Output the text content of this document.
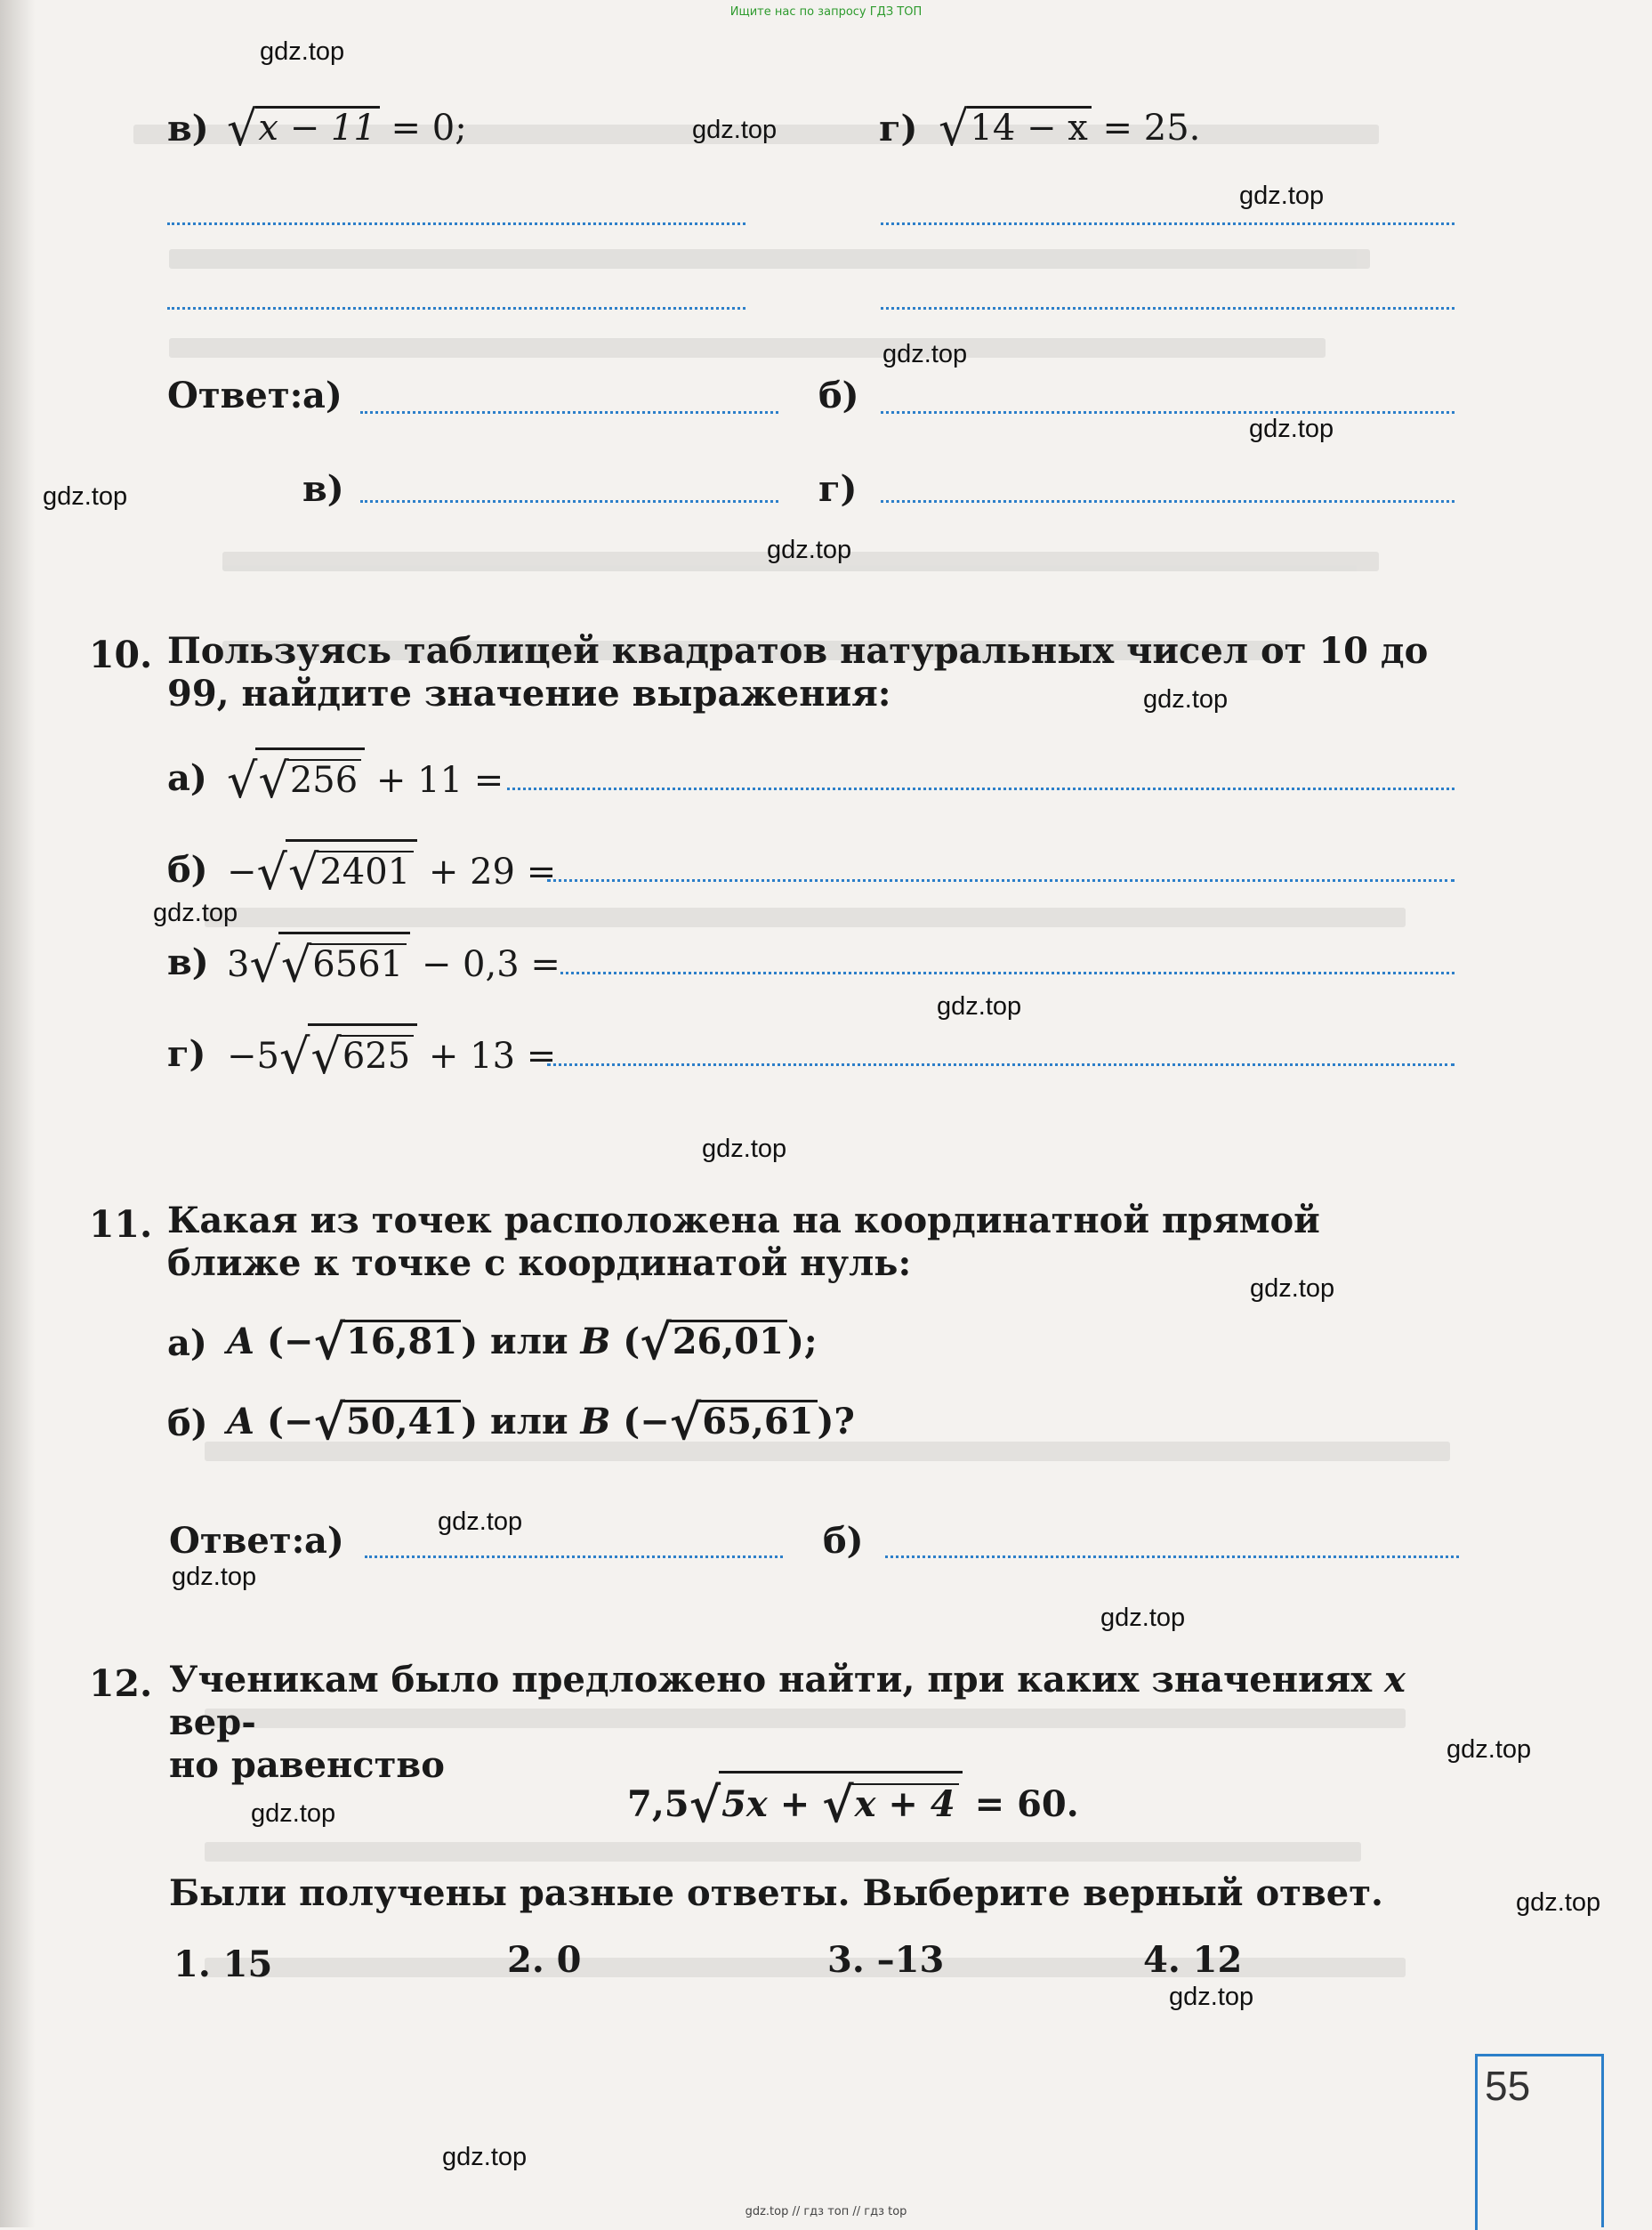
Ищите нас по запросу ГДЗ ТОП
gdz.top
gdz.top
gdz.top
gdz.top
gdz.top
gdz.top
gdz.top
gdz.top
gdz.top
gdz.top
gdz.top
gdz.top
gdz.top
gdz.top
gdz.top
gdz.top
gdz.top
gdz.top
gdz.top
gdz.top
в) √x − 11 = 0;	г) √14 − x = 25.
Ответ: а)	б)
в)	г)
10. Пользуясь таблицей квадратов натуральных чисел от 10 до 99, найдите значение выражения:
а) √√256 + 11 =
б) −√√2401 + 29 =
в) 3√√6561 − 0,3 =
г) −5√√625 + 13 =
11. Какая из точек расположена на координатной прямой ближе к точке с координатой нуль:
а) A (−√16,81 ) или B (√26,01 );
б) A (−√50,41 ) или B (−√65,61 )?
Ответ: а)	б)
12. Ученикам было предложено найти, при каких значениях x вер-
но равенство
7,5√5x + √x + 4 = 60.
Были получены разные ответы. Выберите верный ответ.
1. 15	2. 0	3. –13	4. 12
55
gdz.top // гдз топ // гдз top
